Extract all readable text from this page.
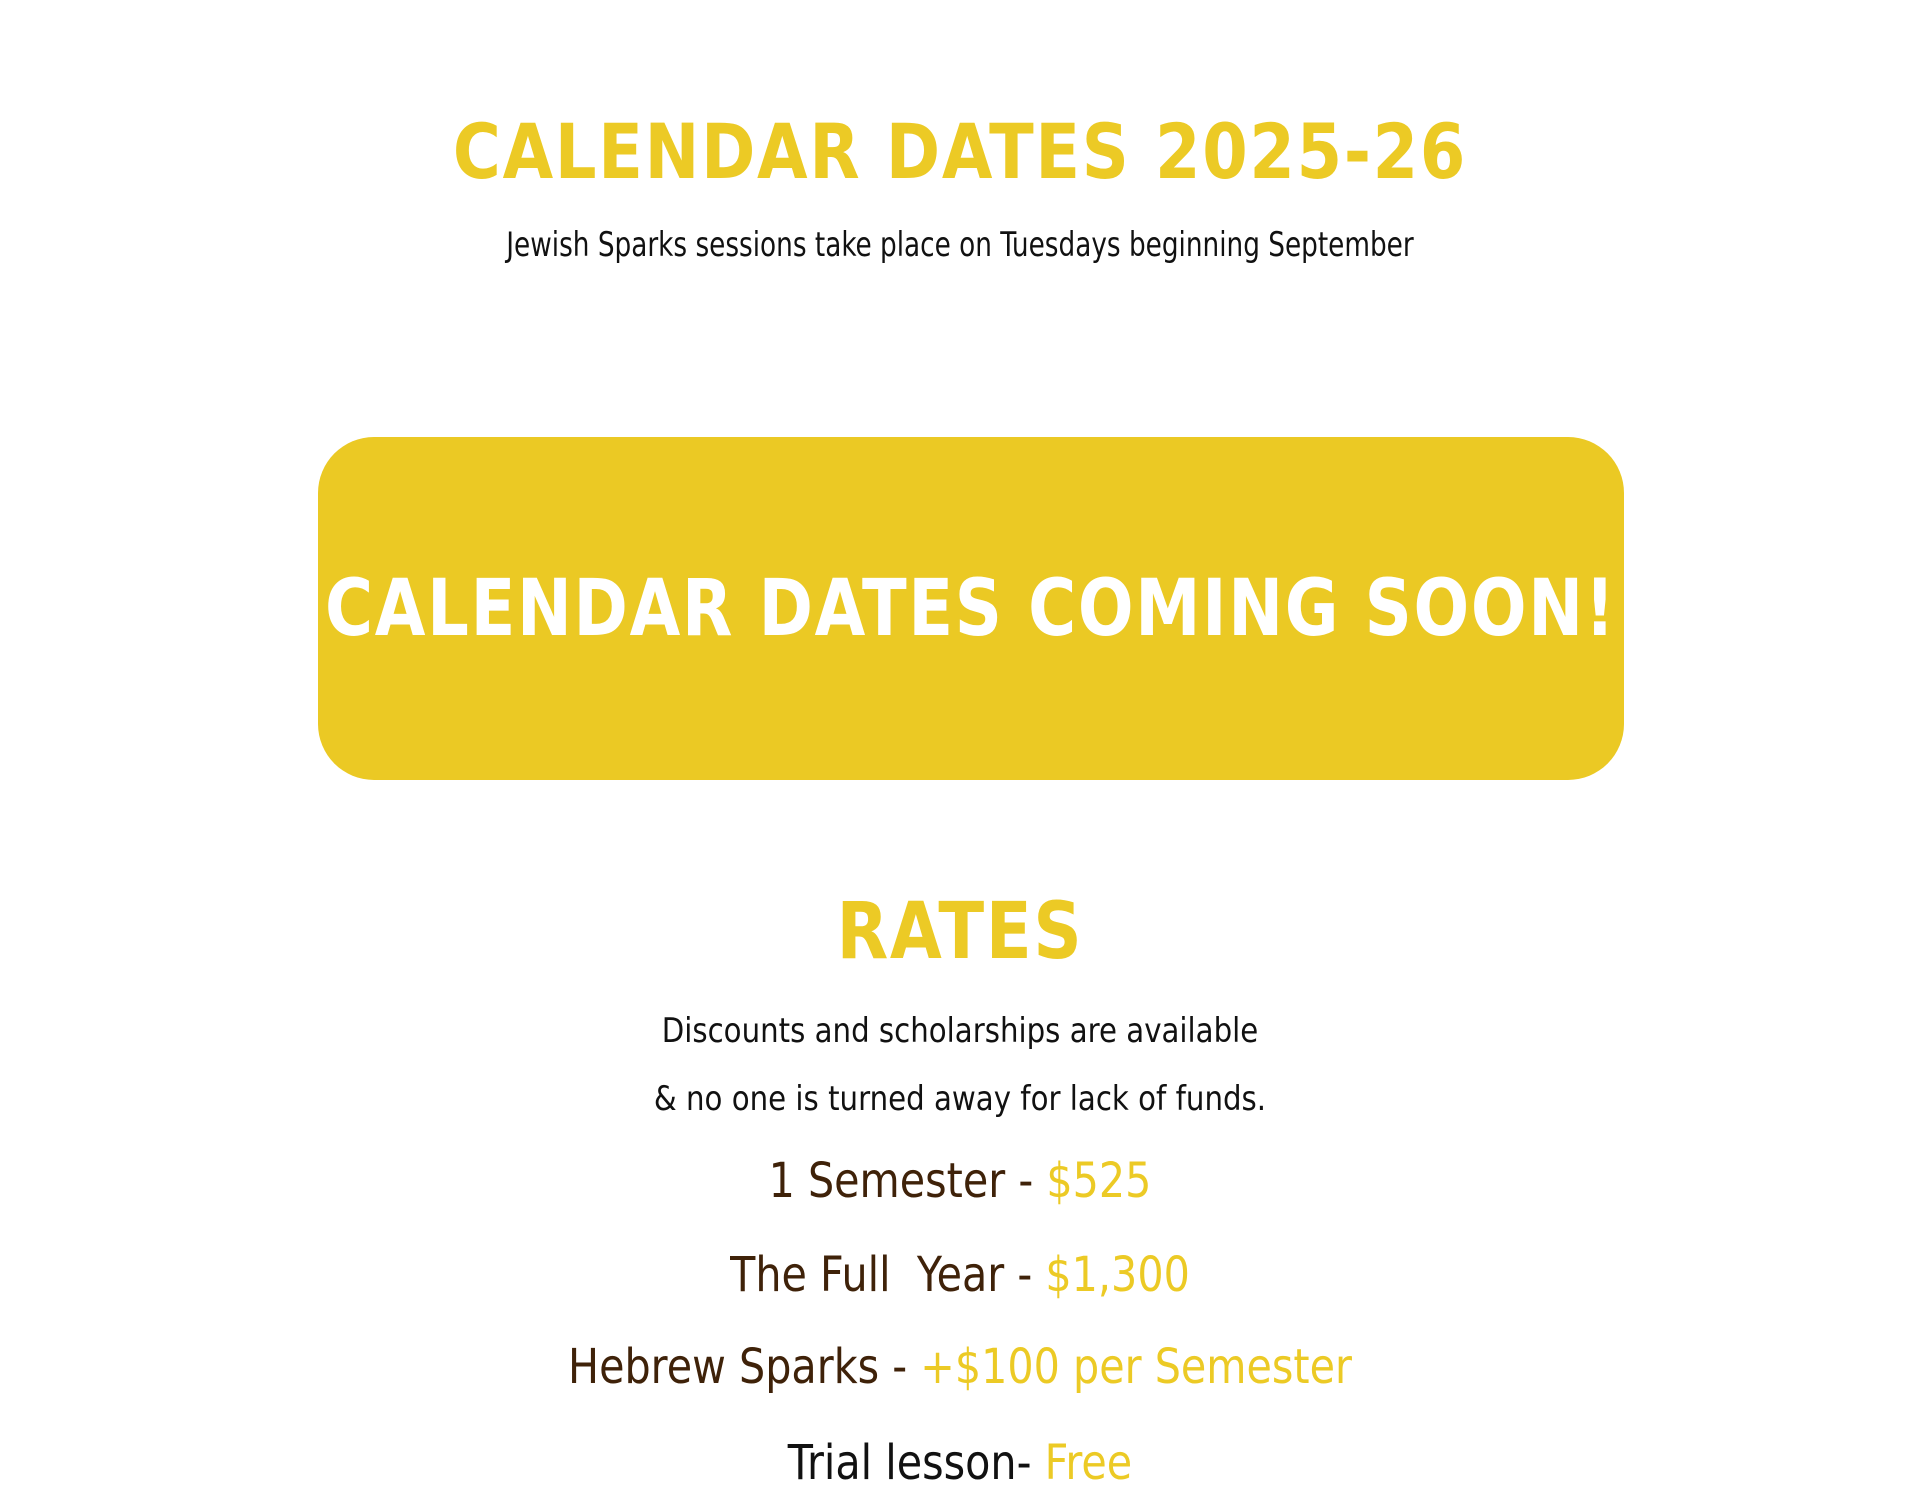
CALENDAR DATES 2025-26
Jewish Sparks sessions take place on Tuesdays beginning September
CALENDAR DATES COMING SOON!
RATES
Discounts and scholarships are available
& no one is turned away for lack of funds.
1 Semester - $525
The Full  Year - $1,300
Hebrew Sparks - +$100 per Semester
Trial lesson- Free
